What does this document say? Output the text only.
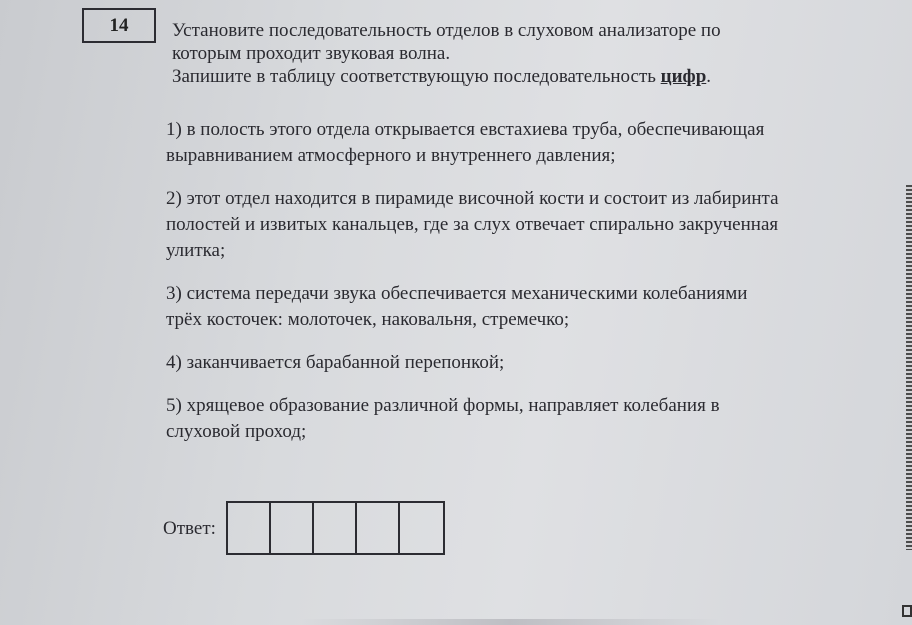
14 Установите последовательность отделов в слуховом анализаторе по
которым проходит звуковая волна.
Запишите в таблицу соответствующую последовательность цифр.
1) в полость этого отдела открывается евстахиева труба, обеспечивающая
выравниванием атмосферного и внутреннего давления;
2) этот отдел находится в пирамиде височной кости и состоит из лабиринта
полостей и извитых канальцев, где за слух отвечает спирально закрученная
улитка;
3) система передачи звука обеспечивается механическими колебаниями
трёх косточек: молоточек, наковальня, стремечко;
4) заканчивается барабанной перепонкой;
5) хрящевое образование различной формы, направляет колебания в
слуховой проход;
Ответ:
